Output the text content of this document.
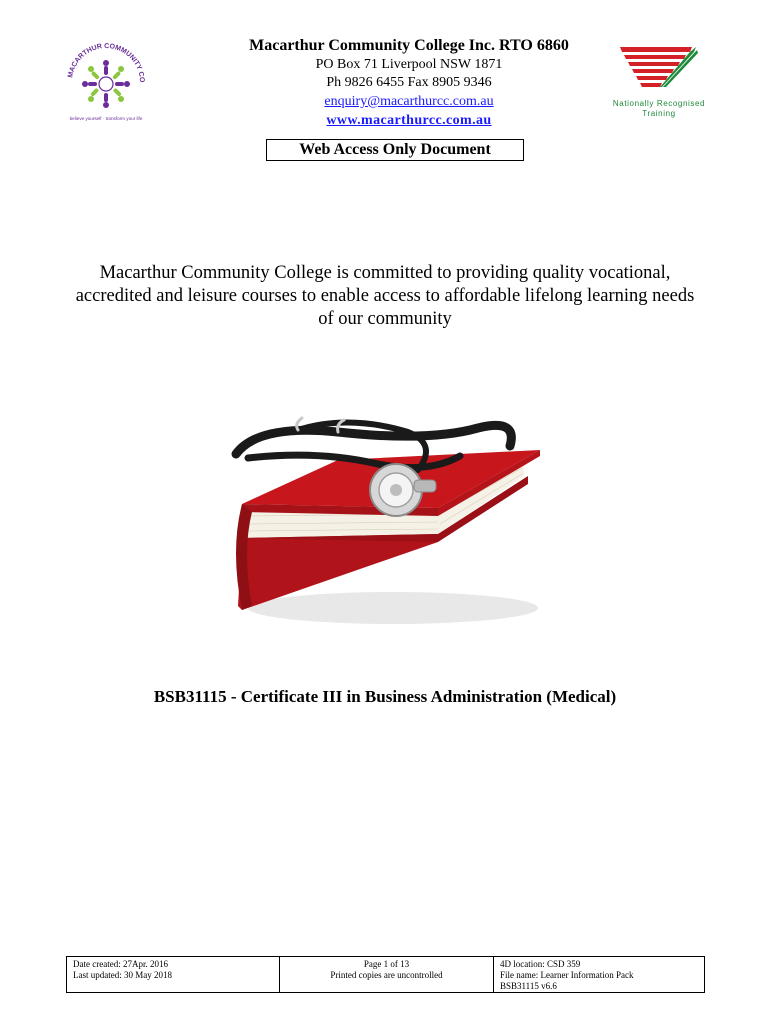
MACARTHUR COMMUNITY CO
believe yourself · transform your life
Macarthur Community College Inc. RTO 6860
PO Box 71 Liverpool NSW 1871
Ph 9826 6455 Fax 8905 9346
enquiry@macarthurcc.com.au
www.macarthurcc.com.au
Nationally Recognised
Training
Web Access Only Document
Macarthur Community College is committed to providing quality vocational, accredited and leisure courses to enable access to affordable lifelong learning needs of our community
BSB31115 - Certificate III in Business Administration (Medical)
Date created: 27Apr. 2016
Last updated: 30 May 2018
Page 1 of 13
Printed copies are uncontrolled
4D location: CSD 359
File name: Learner Information Pack
BSB31115 v6.6
